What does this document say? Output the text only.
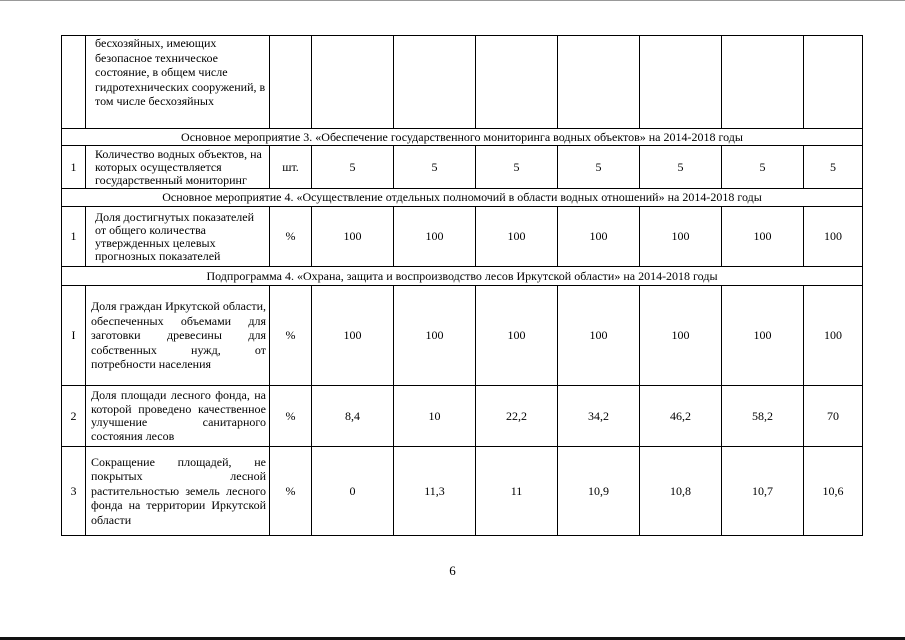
	бесхозяйных, имеющих безопасное техническое состояние, в общем числе гидротехнических сооружений, в том числе бесхозяйных								
Основное мероприятие 3. «Обеспечение государственного мониторинга водных объектов» на 2014-2018 годы									
1	Количество водных объектов, на которых осуществляется государственный мониторинг	шт.	5	5	5	5	5	5	5
Основное мероприятие 4. «Осуществление отдельных полномочий в области водных отношений» на 2014-2018 годы									
1	Доля достигнутых показателей от общего количества утвержденных целевых прогнозных показателей	%	100	100	100	100	100	100	100
Подпрограмма 4. «Охрана, защита и воспроизводство лесов Иркутской области» на 2014-2018 годы									
I	Доля граждан Иркутской области, обеспеченных объемами для заготовки древесины для собственных нужд, от потребности населения	%	100	100	100	100	100	100	100
2	Доля площади лесного фонда, на которой проведено качественное улучшение санитарного состояния лесов	%	8,4	10	22,2	34,2	46,2	58,2	70
3	Сокращение площадей, не покрытых лесной растительностью земель лесного фонда на территории Иркутской области	%	0	11,3	11	10,9	10,8	10,7	10,6
6
